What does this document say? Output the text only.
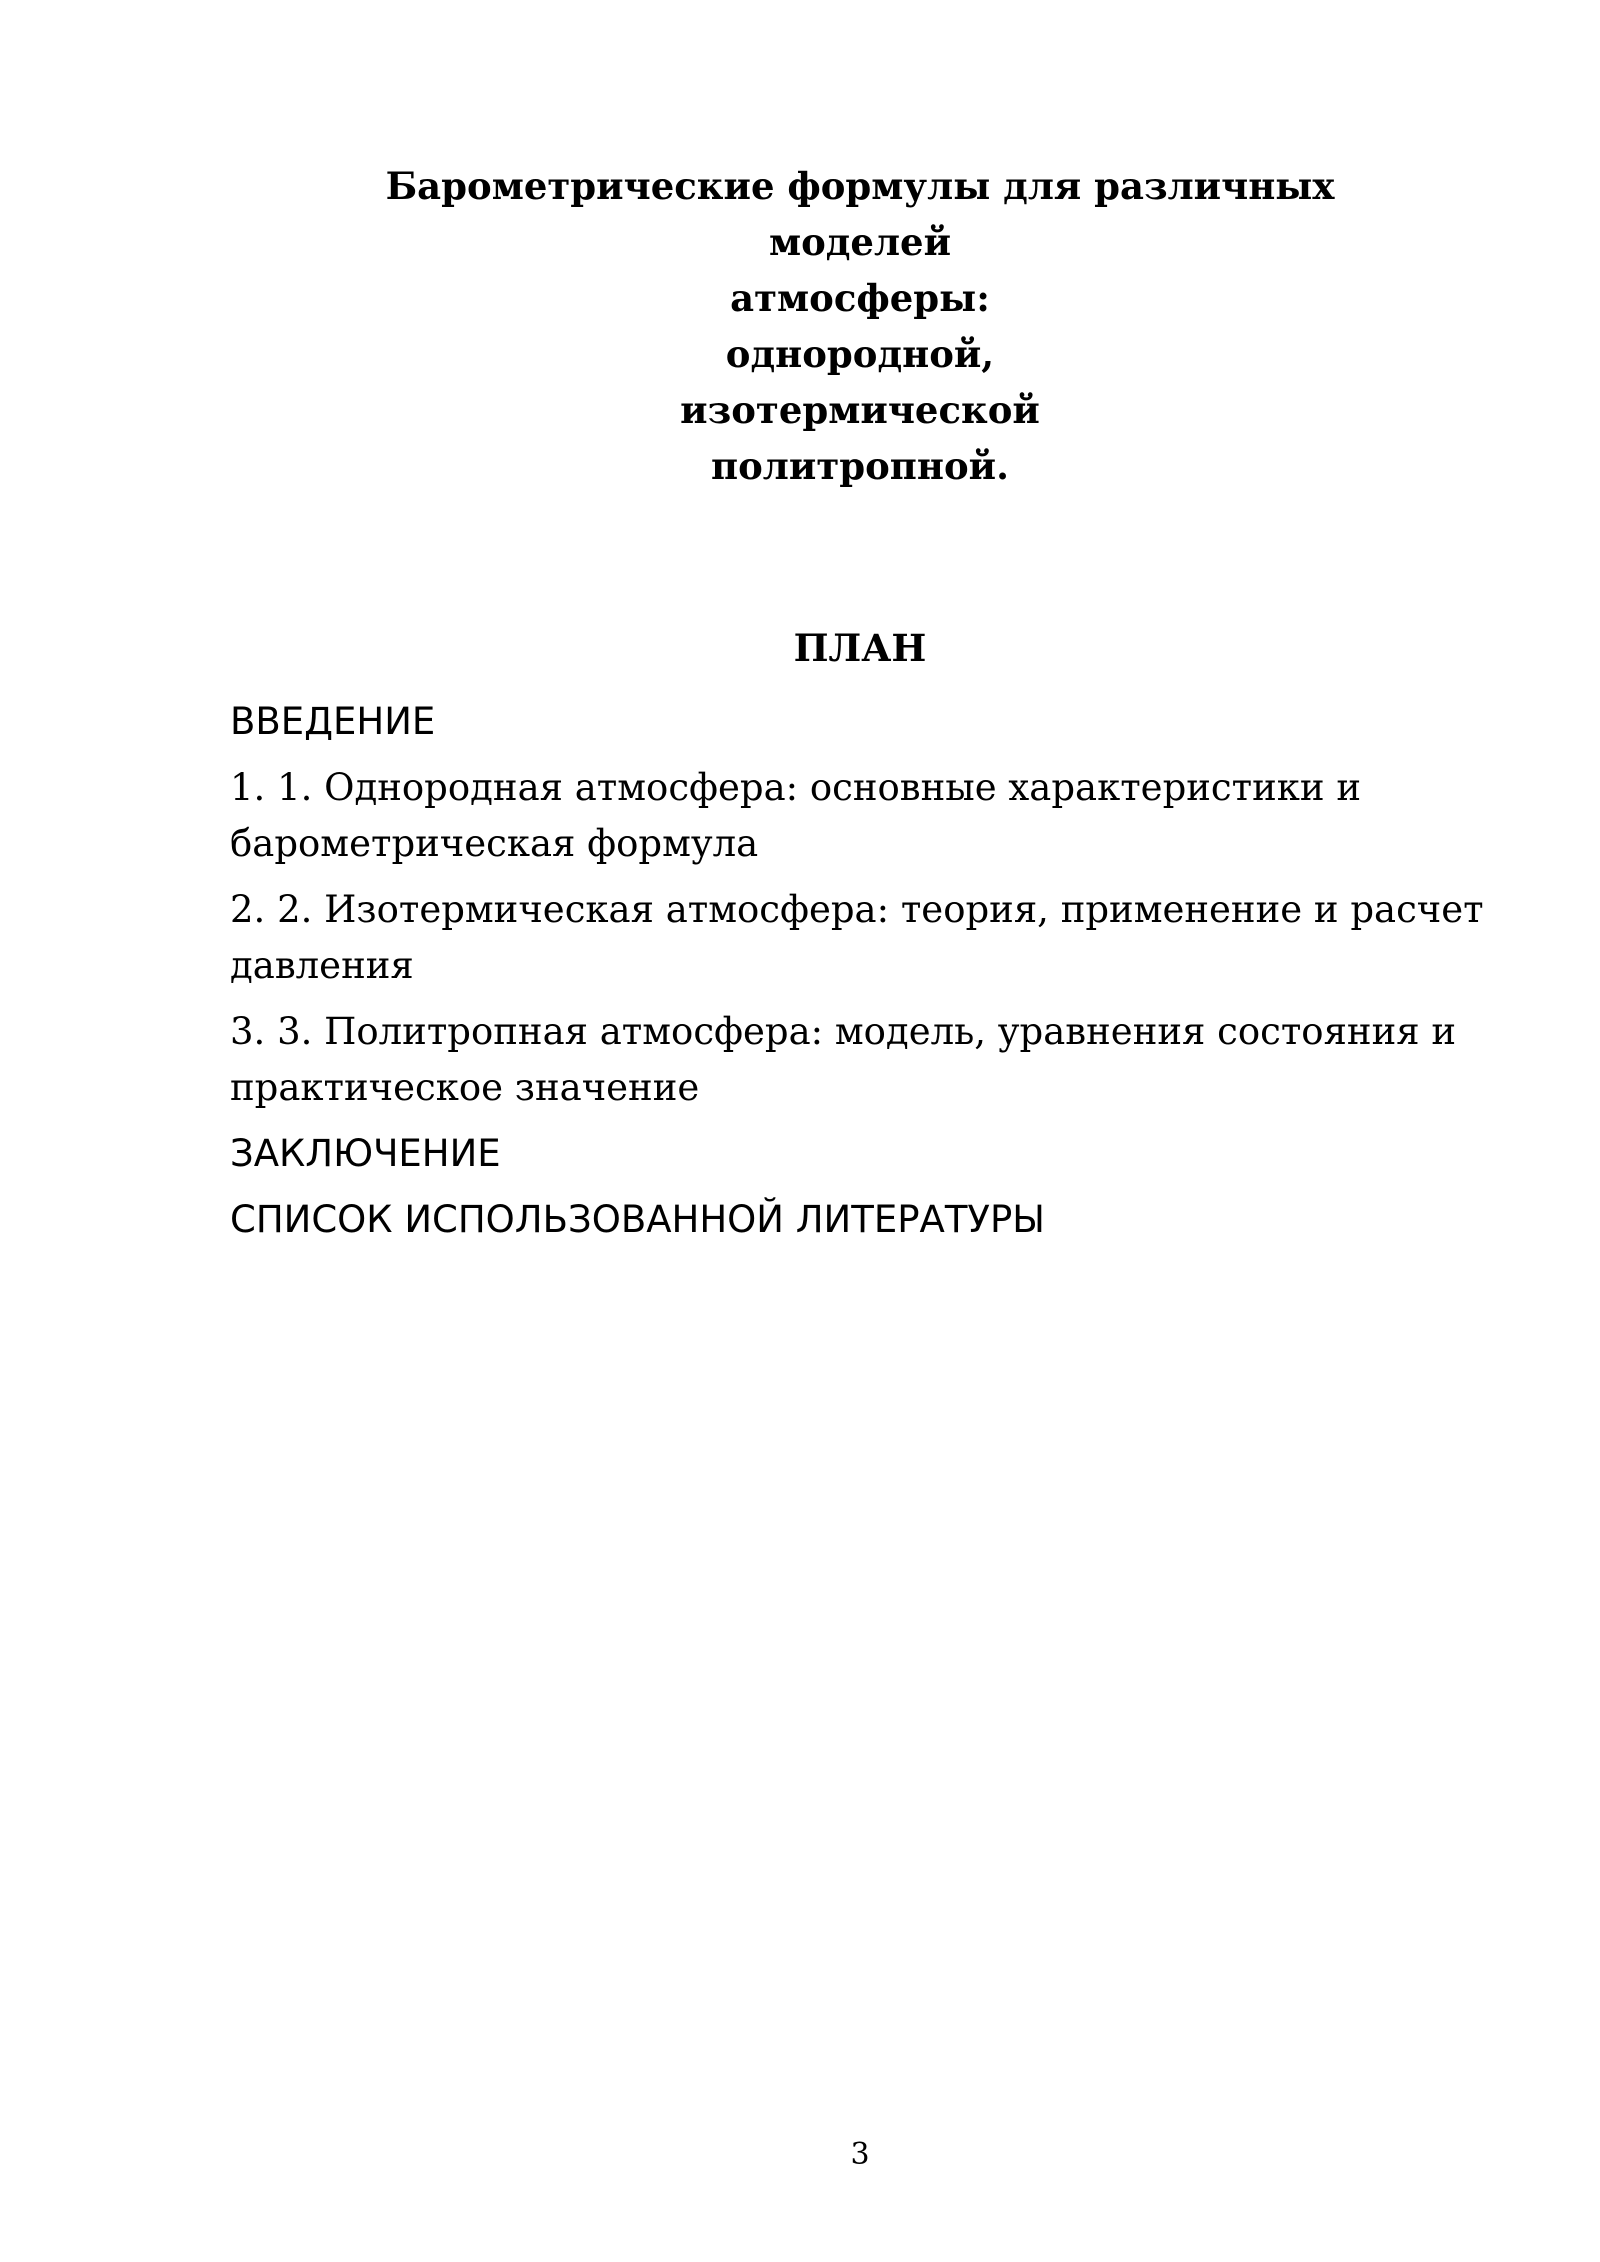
Барометрические формулы для различных
моделей
атмосферы:
однородной,
изотермической
политропной.
ПЛАН

ВВЕДЕНИЕ

1. 1. Однородная атмосфера: основные характеристики и барометрическая формула

2. 2. Изотермическая атмосфера: теория, применение и расчет давления

3. 3. Политропная атмосфера: модель, уравнения состояния и практическое значение

ЗАКЛЮЧЕНИЕ

СПИСОК ИСПОЛЬЗОВАННОЙ ЛИТЕРАТУРЫ

3
